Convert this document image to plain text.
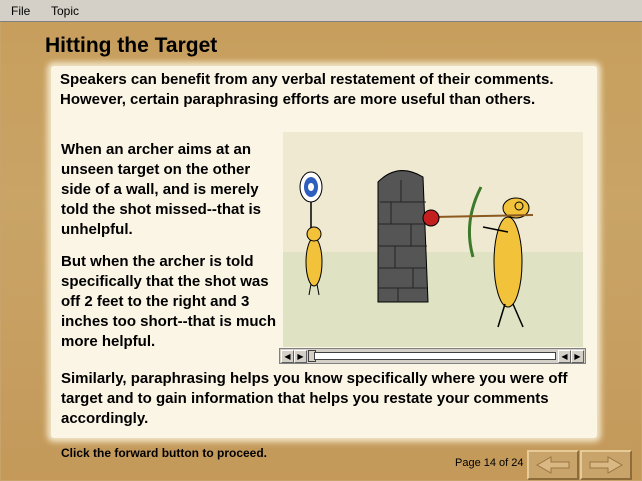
File Topic
Hitting the Target
Speakers can benefit from any verbal restatement of their comments. However, certain paraphrasing efforts are more useful than others.
When an archer aims at an unseen target on the other side of a wall, and is merely told the shot missed--that is unhelpful.
But when the archer is told specifically that the shot was off 2 feet to the right and 3 inches too short--that is much more helpful.
◀ ▶	◀ ▶
Similarly, paraphrasing helps you know specifically where you were off target and to gain information that helps you restate your comments accordingly.
Click the forward button to proceed.
Page 14 of 24
